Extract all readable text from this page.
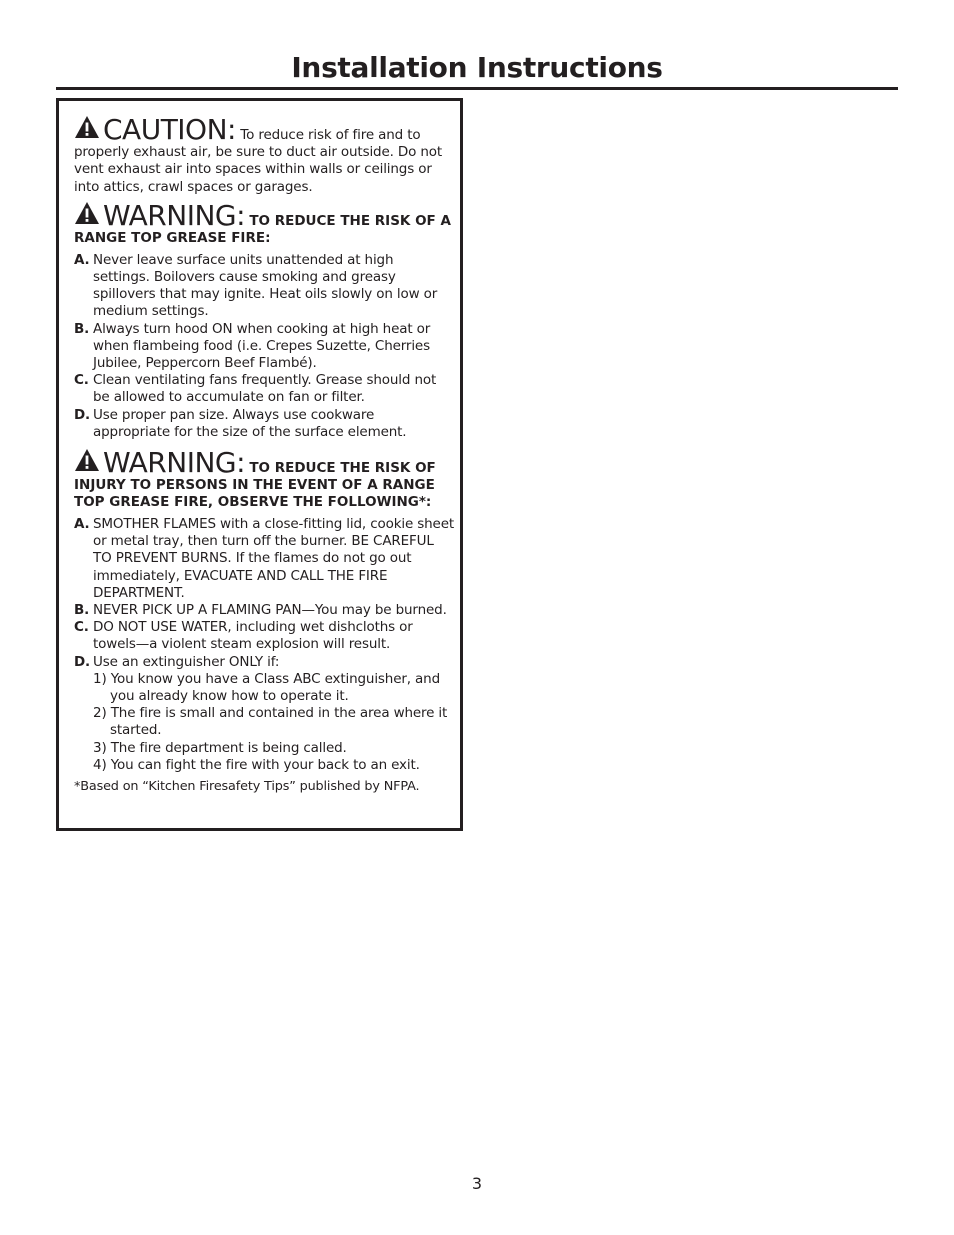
Installation Instructions
CAUTION: To reduce risk of fire and to properly exhaust air, be sure to duct air outside. Do not vent exhaust air into spaces within walls or ceilings or into attics, crawl spaces or garages.
WARNING: TO REDUCE THE RISK OF A RANGE TOP GREASE FIRE:
A. Never leave surface units unattended at high settings. Boilovers cause smoking and greasy spillovers that may ignite. Heat oils slowly on low or medium settings.
B. Always turn hood ON when cooking at high heat or when flambeing food (i.e. Crepes Suzette, Cherries Jubilee, Peppercorn Beef Flambé).
C. Clean ventilating fans frequently. Grease should not be allowed to accumulate on fan or filter.
D. Use proper pan size. Always use cookware appropriate for the size of the surface element.
WARNING: TO REDUCE THE RISK OF INJURY TO PERSONS IN THE EVENT OF A RANGE TOP GREASE FIRE, OBSERVE THE FOLLOWING*:
A. SMOTHER FLAMES with a close-fitting lid, cookie sheet or metal tray, then turn off the burner. BE CAREFUL TO PREVENT BURNS. If the flames do not go out immediately, EVACUATE AND CALL THE FIRE DEPARTMENT.
B. NEVER PICK UP A FLAMING PAN—You may be burned.
C. DO NOT USE WATER, including wet dishcloths or towels—a violent steam explosion will result.
D. Use an extinguisher ONLY if:
1) You know you have a Class ABC extinguisher, and you already know how to operate it.
2) The fire is small and contained in the area where it started.
3) The fire department is being called.
4) You can fight the fire with your back to an exit.
*Based on “Kitchen Firesafety Tips” published by NFPA.
3
